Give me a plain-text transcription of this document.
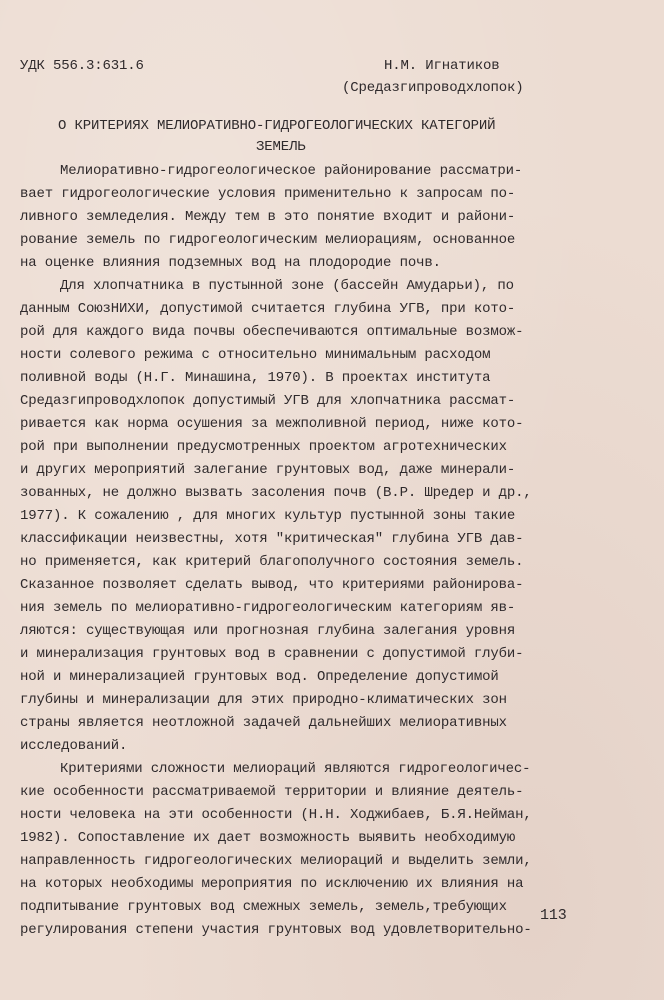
УДК 556.3:631.6	Н.М. Игнатиков
(Средазгипроводхлопок)
О КРИТЕРИЯХ МЕЛИОРАТИВНО-ГИДРОГЕОЛОГИЧЕСКИХ КАТЕГОРИЙ
ЗЕМЕЛЬ
Мелиоративно-гидрогеологическое районирование рассматри-
вает гидрогеологические условия применительно к запросам по-
ливного земледелия. Между тем в это понятие входит и райони-
рование земель по гидрогеологическим мелиорациям, основанное
на оценке влияния подземных вод на плодородие почв.
Для хлопчатника в пустынной зоне (бассейн Амударьи), по
данным СоюзНИХИ, допустимой считается глубина УГВ, при кото-
рой для каждого вида почвы обеспечиваются оптимальные возмож-
ности солевого режима с относительно минимальным расходом
поливной воды (Н.Г. Минашина, 1970). В проектах института
Средазгипроводхлопок допустимый УГВ для хлопчатника рассмат-
ривается как норма осушения за межполивной период, ниже кото-
рой при выполнении предусмотренных проектом агротехнических
и других мероприятий залегание грунтовых вод, даже минерали-
зованных, не должно вызвать засоления почв (В.Р. Шредер и др.,
1977). К сожалению , для многих культур пустынной зоны такие
классификации неизвестны, хотя "критическая" глубина УГВ дав-
но применяется, как критерий благополучного состояния земель.
Сказанное позволяет сделать вывод, что критериями районирова-
ния земель по мелиоративно-гидрогеологическим категориям яв-
ляются: существующая или прогнозная глубина залегания уровня
и минерализация грунтовых вод в сравнении с допустимой глуби-
ной и минерализацией грунтовых вод. Определение допустимой
глубины и минерализации для этих природно-климатических зон
страны является неотложной задачей дальнейших мелиоративных
исследований.
Критериями сложности мелиораций являются гидрогеологичес-
кие особенности рассматриваемой территории и влияние деятель-
ности человека на эти особенности (Н.Н. Ходжибаев, Б.Я.Нейман,
1982). Сопоставление их дает возможность выявить необходимую
направленность гидрогеологических мелиораций и выделить земли,
на которых необходимы мероприятия по исключению их влияния на
подпитывание грунтовых вод смежных земель, земель,требующих
регулирования степени участия грунтовых вод удовлетворительно-
113
